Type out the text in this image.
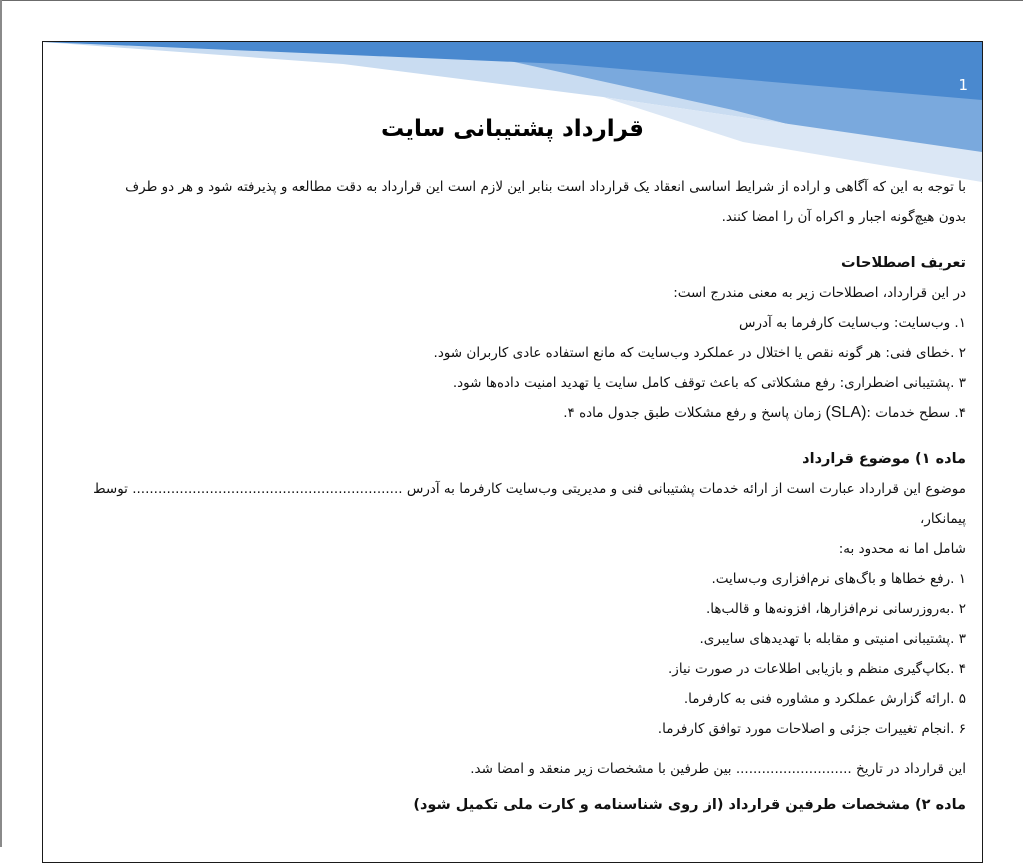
1
قرارداد پشتیبانی سایت

با توجه به این که آگاهی و اراده از شرایط اساسی انعقاد یک قرارداد است بنابر این لازم است این قرارداد به دقت مطالعه و پذیرفته شود و هر دو طرف

بدون هیچ‌گونه اجبار و اکراه آن را امضا کنند.

تعریف اصطلاحات

در این قرارداد، اصطلاحات زیر به معنی مندرج است:

۱. وب‌سایت: وب‌سایت کارفرما به آدرس

۲ .خطای فنی: هر گونه نقص یا اختلال در عملکرد وب‌سایت که مانع استفاده عادی کاربران شود.

۳ .پشتیبانی اضطراری: رفع مشکلاتی که باعث توقف کامل سایت یا تهدید امنیت داده‌ها شود.

۴. سطح خدمات :(SLA) زمان پاسخ و رفع مشکلات طبق جدول ماده ۴.

ماده ۱) موضوع قرارداد

موضوع این قرارداد عبارت است از ارائه خدمات پشتیبانی فنی و مدیریتی وب‌سایت کارفرما به آدرس ............................................................... توسط پیمانکار،

شامل اما نه محدود به:

۱ .رفع خطاها و باگ‌های نرم‌افزاری وب‌سایت.

۲ .به‌روزرسانی نرم‌افزارها، افزونه‌ها و قالب‌ها.

۳ .پشتیبانی امنیتی و مقابله با تهدیدهای سایبری.

۴ .بکاپ‌گیری منظم و بازیابی اطلاعات در صورت نیاز.

۵ .ارائه گزارش عملکرد و مشاوره فنی به کارفرما.

۶ .انجام تغییرات جزئی و اصلاحات مورد توافق کارفرما.

این قرارداد در تاریخ ........................... بین طرفین با مشخصات زیر منعقد و امضا شد.

ماده ۲) مشخصات طرفین قرارداد (از روی شناسنامه و کارت ملی تکمیل شود)
